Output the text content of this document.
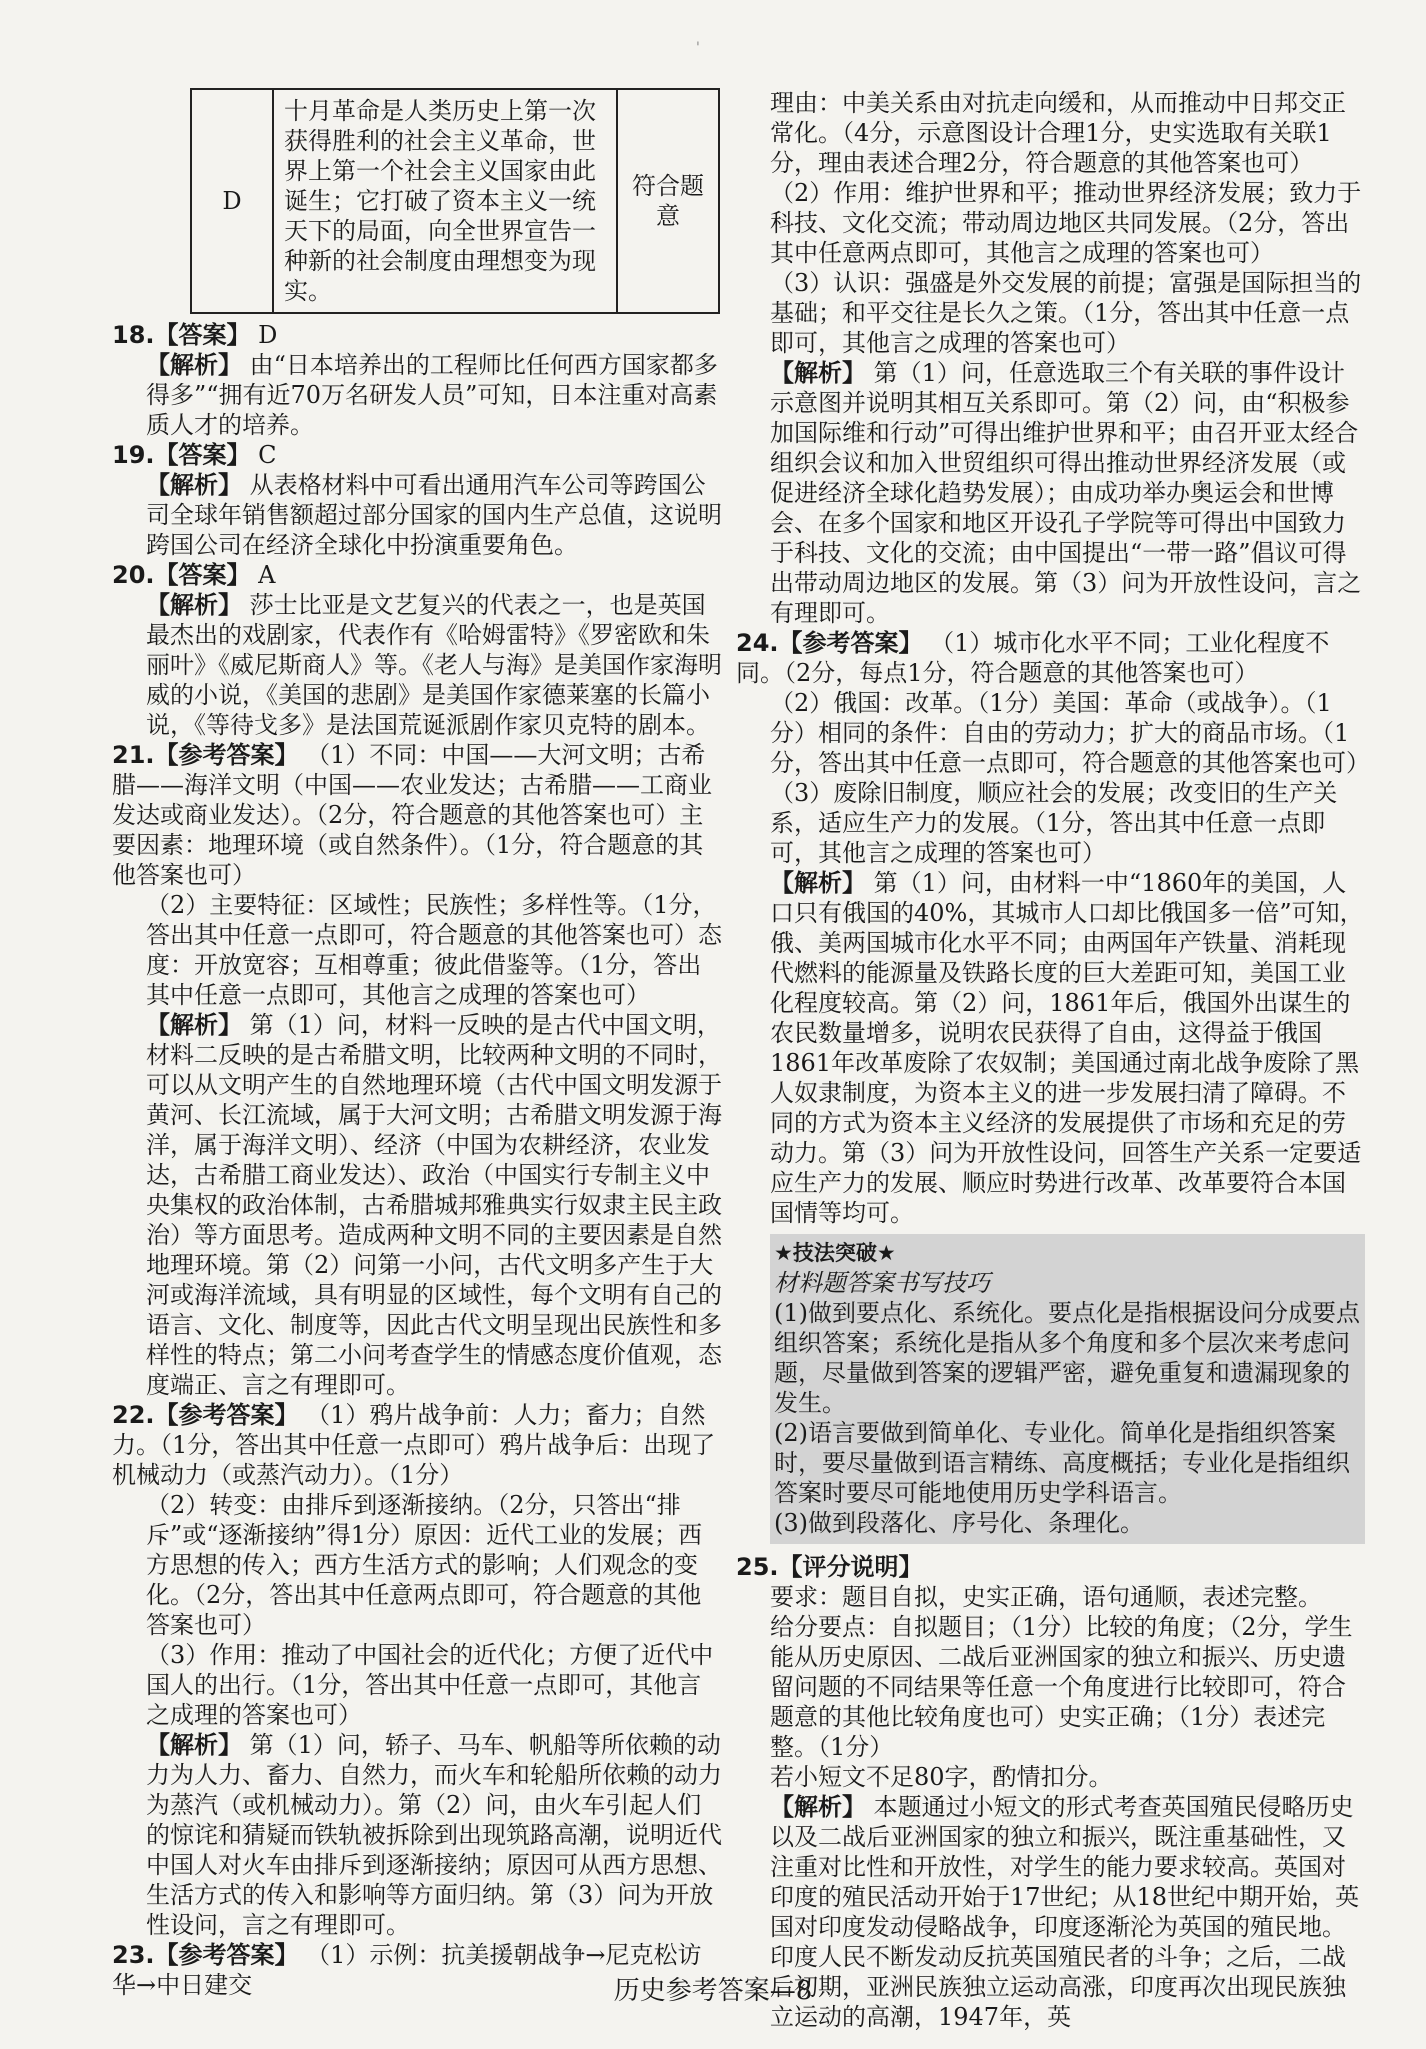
'
D	十月革命是人类历史上第一次获得胜利的社会主义革命，世界上第一个社会主义国家由此诞生；它打破了资本主义一统天下的局面，向全世界宣告一种新的社会制度由理想变为现实。	符合题意

18.【答案】 D

【解析】 由“日本培养出的工程师比任何西方国家都多得多”“拥有近70万名研发人员”可知，日本注重对高素质人才的培养。

19.【答案】 C

【解析】 从表格材料中可看出通用汽车公司等跨国公司全球年销售额超过部分国家的国内生产总值，这说明跨国公司在经济全球化中扮演重要角色。

20.【答案】 A

【解析】 莎士比亚是文艺复兴的代表之一，也是英国最杰出的戏剧家，代表作有《哈姆雷特》《罗密欧和朱丽叶》《威尼斯商人》等。《老人与海》是美国作家海明威的小说，《美国的悲剧》是美国作家德莱塞的长篇小说，《等待戈多》是法国荒诞派剧作家贝克特的剧本。

21.【参考答案】 （1）不同：中国——大河文明；古希腊——海洋文明（中国——农业发达；古希腊——工商业发达或商业发达）。（2分，符合题意的其他答案也可）主要因素：地理环境（或自然条件）。（1分，符合题意的其他答案也可）

（2）主要特征：区域性；民族性；多样性等。（1分，答出其中任意一点即可，符合题意的其他答案也可）态度：开放宽容；互相尊重；彼此借鉴等。（1分，答出其中任意一点即可，其他言之成理的答案也可）

【解析】 第（1）问，材料一反映的是古代中国文明，材料二反映的是古希腊文明，比较两种文明的不同时，可以从文明产生的自然地理环境（古代中国文明发源于黄河、长江流域，属于大河文明；古希腊文明发源于海洋，属于海洋文明）、经济（中国为农耕经济，农业发达，古希腊工商业发达）、政治（中国实行专制主义中央集权的政治体制，古希腊城邦雅典实行奴隶主民主政治）等方面思考。造成两种文明不同的主要因素是自然地理环境。第（2）问第一小问，古代文明多产生于大河或海洋流域，具有明显的区域性，每个文明有自己的语言、文化、制度等，因此古代文明呈现出民族性和多样性的特点；第二小问考查学生的情感态度价值观，态度端正、言之有理即可。

22.【参考答案】 （1）鸦片战争前：人力；畜力；自然力。（1分，答出其中任意一点即可）鸦片战争后：出现了机械动力（或蒸汽动力）。（1分）

（2）转变：由排斥到逐渐接纳。（2分，只答出“排斥”或“逐渐接纳”得1分）原因：近代工业的发展；西方思想的传入；西方生活方式的影响；人们观念的变化。（2分，答出其中任意两点即可，符合题意的其他答案也可）

（3）作用：推动了中国社会的近代化；方便了近代中国人的出行。（1分，答出其中任意一点即可，其他言之成理的答案也可）

【解析】 第（1）问，轿子、马车、帆船等所依赖的动力为人力、畜力、自然力，而火车和轮船所依赖的动力为蒸汽（或机械动力）。第（2）问，由火车引起人们的惊诧和猜疑而铁轨被拆除到出现筑路高潮，说明近代中国人对火车由排斥到逐渐接纳；原因可从西方思想、生活方式的传入和影响等方面归纳。第（3）问为开放性设问，言之有理即可。

23.【参考答案】 （1）示例：抗美援朝战争→尼克松访华→中日建交

理由：中美关系由对抗走向缓和，从而推动中日邦交正常化。（4分，示意图设计合理1分，史实选取有关联1分，理由表述合理2分，符合题意的其他答案也可）

（2）作用：维护世界和平；推动世界经济发展；致力于科技、文化交流；带动周边地区共同发展。（2分，答出其中任意两点即可，其他言之成理的答案也可）

（3）认识：强盛是外交发展的前提；富强是国际担当的基础；和平交往是长久之策。（1分，答出其中任意一点即可，其他言之成理的答案也可）

【解析】 第（1）问，任意选取三个有关联的事件设计示意图并说明其相互关系即可。第（2）问，由“积极参加国际维和行动”可得出维护世界和平；由召开亚太经合组织会议和加入世贸组织可得出推动世界经济发展（或促进经济全球化趋势发展）；由成功举办奥运会和世博会、在多个国家和地区开设孔子学院等可得出中国致力于科技、文化的交流；由中国提出“一带一路”倡议可得出带动周边地区的发展。第（3）问为开放性设问，言之有理即可。

24.【参考答案】 （1）城市化水平不同；工业化程度不同。（2分，每点1分，符合题意的其他答案也可）

（2）俄国：改革。（1分）美国：革命（或战争）。（1分）相同的条件：自由的劳动力；扩大的商品市场。（1分，答出其中任意一点即可，符合题意的其他答案也可）

（3）废除旧制度，顺应社会的发展；改变旧的生产关系，适应生产力的发展。（1分，答出其中任意一点即可，其他言之成理的答案也可）

【解析】 第（1）问，由材料一中“1860年的美国，人口只有俄国的40%，其城市人口却比俄国多一倍”可知，俄、美两国城市化水平不同；由两国年产铁量、消耗现代燃料的能源量及铁路长度的巨大差距可知，美国工业化程度较高。第（2）问，1861年后，俄国外出谋生的农民数量增多，说明农民获得了自由，这得益于俄国1861年改革废除了农奴制；美国通过南北战争废除了黑人奴隶制度，为资本主义的进一步发展扫清了障碍。不同的方式为资本主义经济的发展提供了市场和充足的劳动力。第（3）问为开放性设问，回答生产关系一定要适应生产力的发展、顺应时势进行改革、改革要符合本国国情等均可。

★技法突破★

材料题答案书写技巧

(1)做到要点化、系统化。要点化是指根据设问分成要点组织答案；系统化是指从多个角度和多个层次来考虑问题，尽量做到答案的逻辑严密，避免重复和遗漏现象的发生。

(2)语言要做到简单化、专业化。简单化是指组织答案时，要尽量做到语言精练、高度概括；专业化是指组织答案时要尽可能地使用历史学科语言。

(3)做到段落化、序号化、条理化。

25.【评分说明】

要求：题目自拟，史实正确，语句通顺，表述完整。

给分要点：自拟题目；（1分）比较的角度；（2分，学生能从历史原因、二战后亚洲国家的独立和振兴、历史遗留问题的不同结果等任意一个角度进行比较即可，符合题意的其他比较角度也可）史实正确；（1分）表述完整。（1分）

若小短文不足80字，酌情扣分。

【解析】 本题通过小短文的形式考查英国殖民侵略历史以及二战后亚洲国家的独立和振兴，既注重基础性，又注重对比性和开放性，对学生的能力要求较高。英国对印度的殖民活动开始于17世纪；从18世纪中期开始，英国对印度发动侵略战争，印度逐渐沦为英国的殖民地。印度人民不断发动反抗英国殖民者的斗争；之后，二战后初期，亚洲民族独立运动高涨，印度再次出现民族独立运动的高潮，1947年，英

历史参考答案—8
